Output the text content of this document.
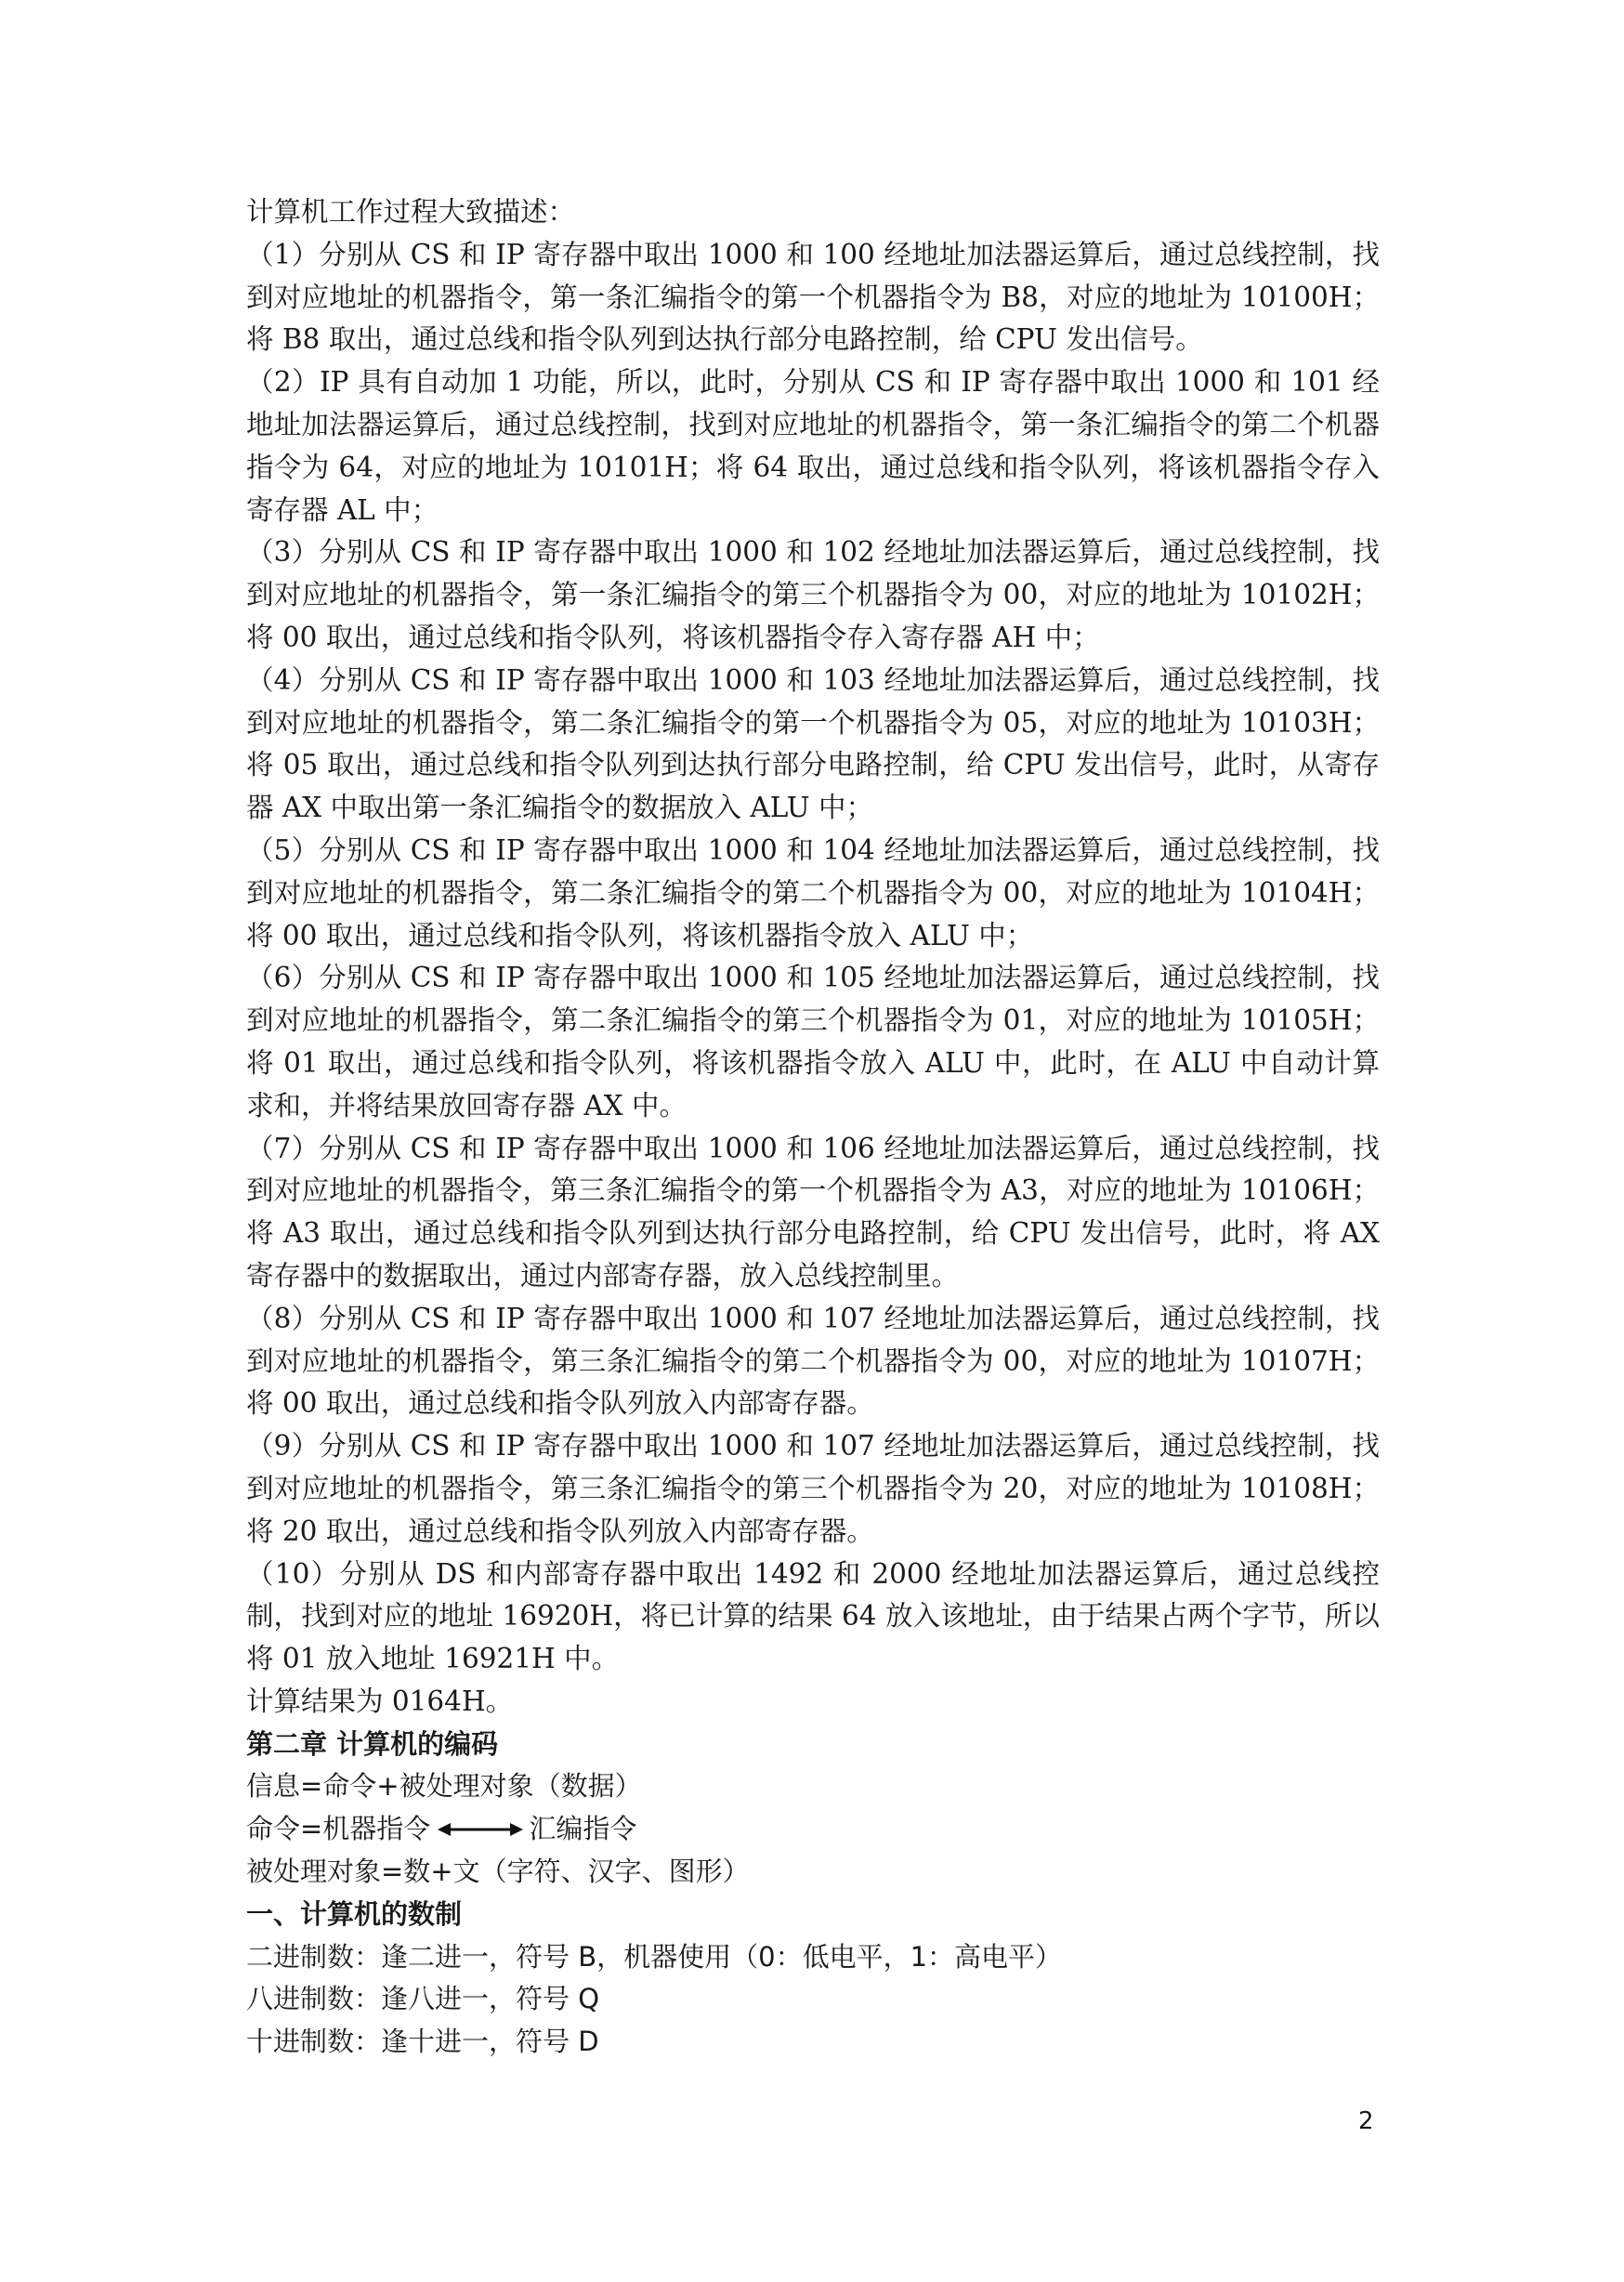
计算机工作过程大致描述：

（1）分别从 CS 和 IP 寄存器中取出 1000 和 100 经地址加法器运算后，通过总线控制，找到对应地址的机器指令，第一条汇编指令的第一个机器指令为 B8，对应的地址为 10100H；将 B8 取出，通过总线和指令队列到达执行部分电路控制，给 CPU 发出信号。

（2）IP 具有自动加 1 功能，所以，此时，分别从 CS 和 IP 寄存器中取出 1000 和 101 经地址加法器运算后，通过总线控制，找到对应地址的机器指令，第一条汇编指令的第二个机器指令为 64，对应的地址为 10101H；将 64 取出，通过总线和指令队列，将该机器指令存入寄存器 AL 中；

（3）分别从 CS 和 IP 寄存器中取出 1000 和 102 经地址加法器运算后，通过总线控制，找到对应地址的机器指令，第一条汇编指令的第三个机器指令为 00，对应的地址为 10102H；将 00 取出，通过总线和指令队列，将该机器指令存入寄存器 AH 中；

（4）分别从 CS 和 IP 寄存器中取出 1000 和 103 经地址加法器运算后，通过总线控制，找到对应地址的机器指令，第二条汇编指令的第一个机器指令为 05，对应的地址为 10103H；将 05 取出，通过总线和指令队列到达执行部分电路控制，给 CPU 发出信号，此时，从寄存器 AX 中取出第一条汇编指令的数据放入 ALU 中；

（5）分别从 CS 和 IP 寄存器中取出 1000 和 104 经地址加法器运算后，通过总线控制，找到对应地址的机器指令，第二条汇编指令的第二个机器指令为 00，对应的地址为 10104H；将 00 取出，通过总线和指令队列，将该机器指令放入 ALU 中；

（6）分别从 CS 和 IP 寄存器中取出 1000 和 105 经地址加法器运算后，通过总线控制，找到对应地址的机器指令，第二条汇编指令的第三个机器指令为 01，对应的地址为 10105H；将 01 取出，通过总线和指令队列，将该机器指令放入 ALU 中，此时，在 ALU 中自动计算求和，并将结果放回寄存器 AX 中。

（7）分别从 CS 和 IP 寄存器中取出 1000 和 106 经地址加法器运算后，通过总线控制，找到对应地址的机器指令，第三条汇编指令的第一个机器指令为 A3，对应的地址为 10106H；将 A3 取出，通过总线和指令队列到达执行部分电路控制，给 CPU 发出信号，此时，将 AX 寄存器中的数据取出，通过内部寄存器，放入总线控制里。

（8）分别从 CS 和 IP 寄存器中取出 1000 和 107 经地址加法器运算后，通过总线控制，找到对应地址的机器指令，第三条汇编指令的第二个机器指令为 00，对应的地址为 10107H；将 00 取出，通过总线和指令队列放入内部寄存器。

（9）分别从 CS 和 IP 寄存器中取出 1000 和 107 经地址加法器运算后，通过总线控制，找到对应地址的机器指令，第三条汇编指令的第三个机器指令为 20，对应的地址为 10108H；将 20 取出，通过总线和指令队列放入内部寄存器。

（10）分别从 DS 和内部寄存器中取出 1492 和 2000 经地址加法器运算后，通过总线控制，找到对应的地址 16920H，将已计算的结果 64 放入该地址，由于结果占两个字节，所以将 01 放入地址 16921H 中。

计算结果为 0164H。

第二章 计算机的编码

信息=命令+被处理对象（数据）

命令=机器指令	汇编指令

被处理对象=数+文（字符、汉字、图形）

一、计算机的数制

二进制数：逢二进一，符号 B，机器使用（0：低电平，1：高电平）

八进制数：逢八进一，符号 Q

十进制数：逢十进一，符号 D

2
